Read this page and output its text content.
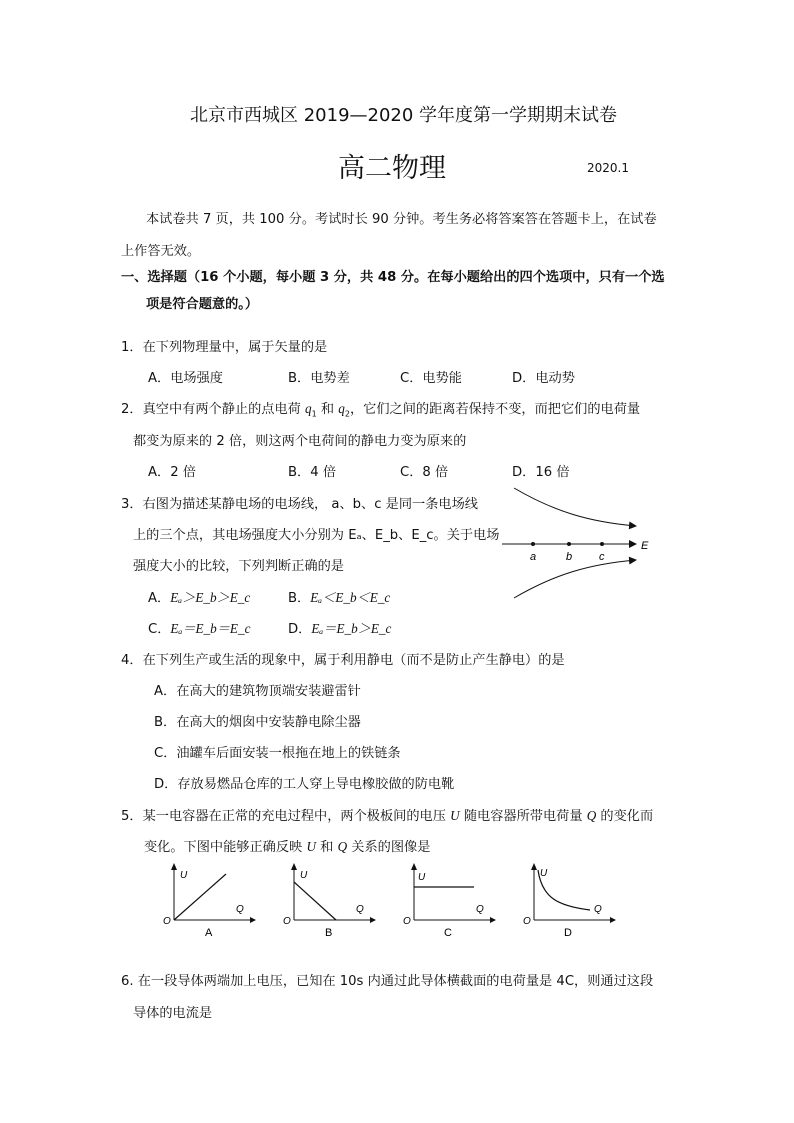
北京市西城区 2019—2020 学年度第一学期期末试卷
高二物理	2020.1
本试卷共 7 页，共 100 分。考试时长 90 分钟。考生务必将答案答在答题卡上，在试卷
上作答无效。
一、选择题（16 个小题，每小题 3 分，共 48 分。在每小题给出的四个选项中，只有一个选
项是符合题意的。）
1．在下列物理量中，属于矢量的是
A．电场强度	B．电势差	C．电势能	D．电动势
2．真空中有两个静止的点电荷 $q_1$ 和 $q_2$，它们之间的距离若保持不变，而把它们的电荷量
都变为原来的 2 倍，则这两个电荷间的静电力变为原来的
A．2 倍	B．4 倍	C．8 倍	D．16 倍
3．右图为描述某静电场的电场线， a、b、c 是同一条电场线
上的三个点，其电场强度大小分别为 Eₐ、E_b、E_c。关于电场
强度大小的比较，下列判断正确的是
A．Eₐ＞E_b＞E_c	B．Eₐ＜E_b＜E_c
C．Eₐ＝E_b＝E_c	D．Eₐ＝E_b＞E_c
a	b c
E
4．在下列生产或生活的现象中，属于利用静电（而不是防止产生静电）的是
A．在高大的建筑物顶端安装避雷针
B．在高大的烟囱中安装静电除尘器
C．油罐车后面安装一根拖在地上的铁链条
D．存放易燃品仓库的工人穿上导电橡胶做的防电靴
5．某一电容器在正常的充电过程中，两个极板间的电压 U 随电容器所带电荷量 Q 的变化而
变化。下图中能够正确反映 U 和 Q 关系的图像是
U
Q
O
A
U
Q
O
B
U
Q
O
C
U
Q
O
D
6. 在一段导体两端加上电压，已知在 10s 内通过此导体横截面的电荷量是 4C，则通过这段
导体的电流是
